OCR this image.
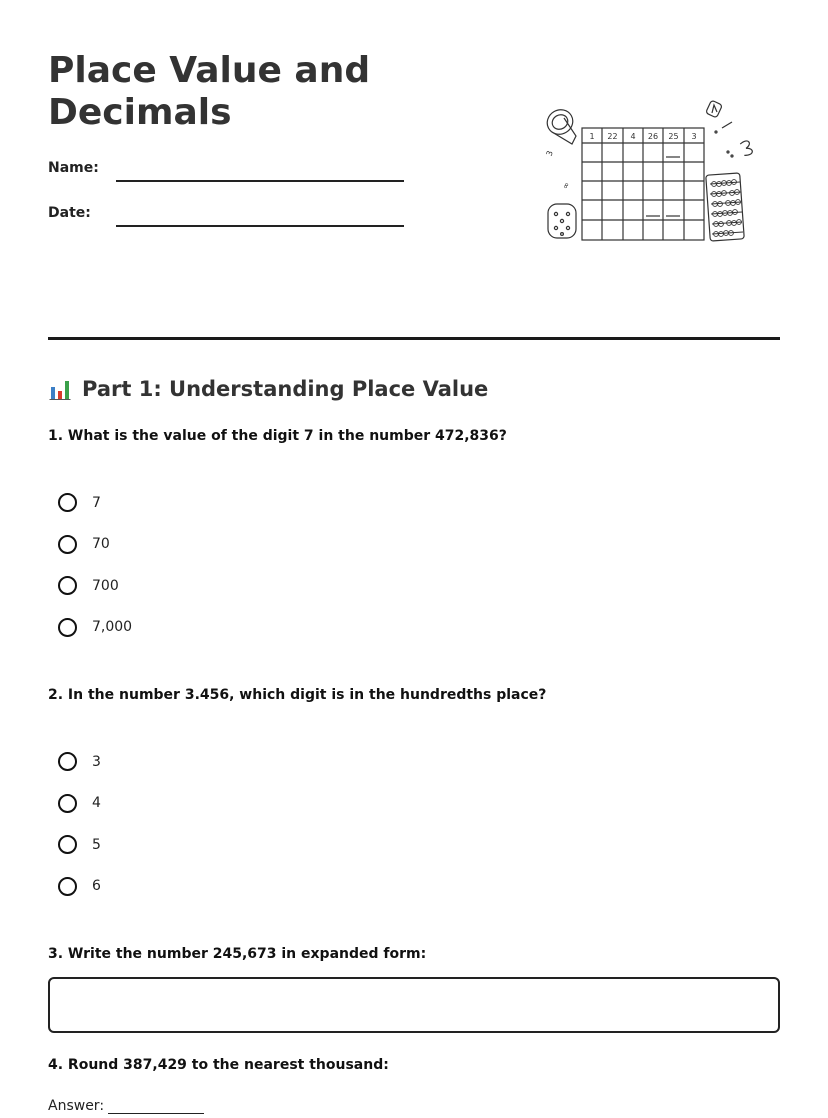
Place Value and Decimals
Name:
Date:
3
∞
1 22 4 26 25 3
Part 1: Understanding Place Value

1. What is the value of the digit 7 in the number 472,836?

7
70
700
7,000

2. In the number 3.456, which digit is in the hundredths place?

3
4
5
6

3. Write the number 245,673 in expanded form:

4. Round 387,429 to the nearest thousand:

Answer:
